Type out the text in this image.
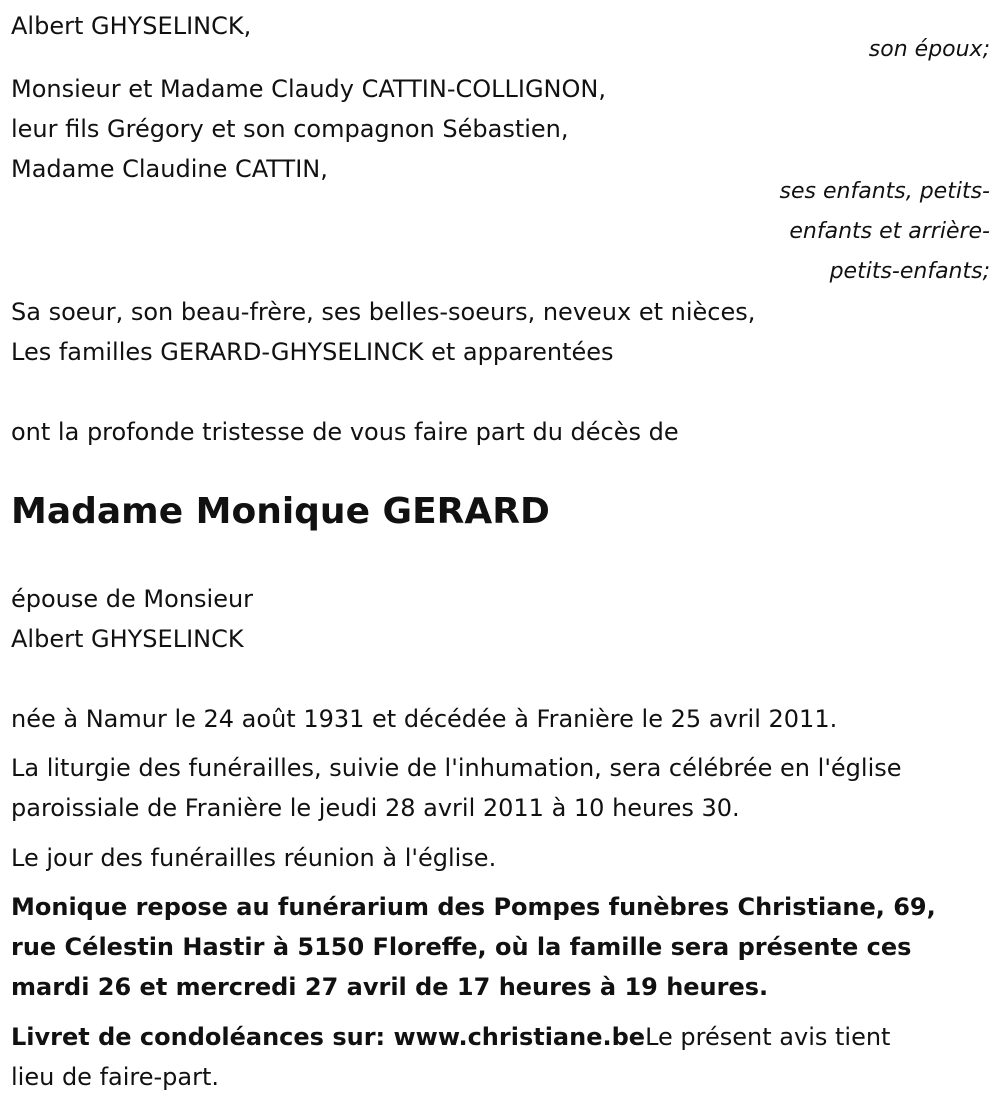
Albert GHYSELINCK,
son époux;
Monsieur et Madame Claudy CATTIN-COLLIGNON,
leur fils Grégory et son compagnon Sébastien,
Madame Claudine CATTIN,
ses enfants, petits-
enfants et arrière-
petits-enfants;
Sa soeur, son beau-frère, ses belles-soeurs, neveux et nièces,
Les familles GERARD-GHYSELINCK et apparentées
ont la profonde tristesse de vous faire part du décès de
Madame Monique GERARD
épouse de Monsieur
Albert GHYSELINCK
née à Namur le 24 août 1931 et décédée à Franière le 25 avril 2011.
La liturgie des funérailles, suivie de l'inhumation, sera célébrée en l'église
paroissiale de Franière le jeudi 28 avril 2011 à 10 heures 30.
Le jour des funérailles réunion à l'église.
Monique repose au funérarium des Pompes funèbres Christiane, 69,
rue Célestin Hastir à 5150 Floreffe, où la famille sera présente ces
mardi 26 et mercredi 27 avril de 17 heures à 19 heures.
Livret de condoléances sur: www.christiane.beLe présent avis tient
lieu de faire-part.
